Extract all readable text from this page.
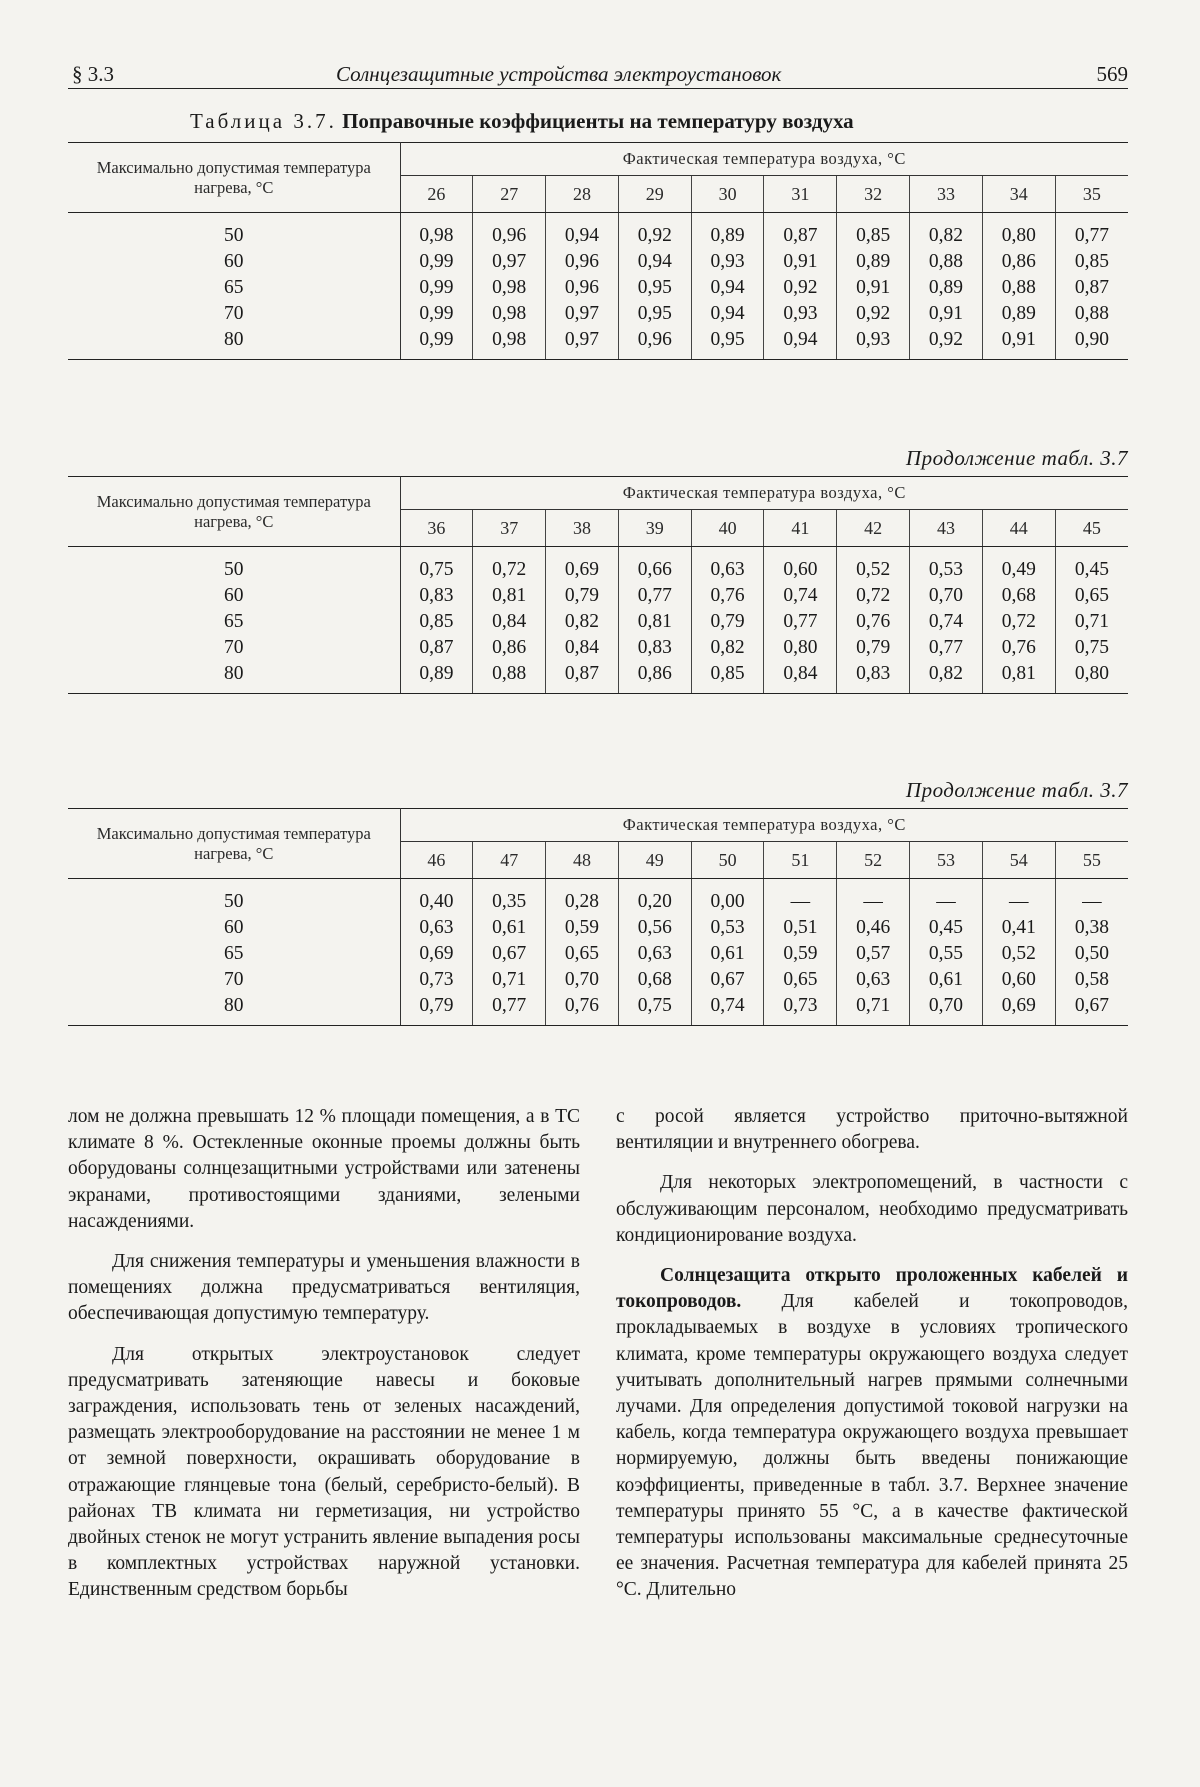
§ 3.3	Солнцезащитные устройства электроустановок	569
Таблица 3.7. Поправочные коэффициенты на температуру воздуха
Максимально допустимая температура нагрева, °С	Фактическая температура воздуха, °С									
	26	27	28	29	30	31	32	33	34	35
50	0,98	0,96	0,94	0,92	0,89	0,87	0,85	0,82	0,80	0,77
60	0,99	0,97	0,96	0,94	0,93	0,91	0,89	0,88	0,86	0,85
65	0,99	0,98	0,96	0,95	0,94	0,92	0,91	0,89	0,88	0,87
70	0,99	0,98	0,97	0,95	0,94	0,93	0,92	0,91	0,89	0,88
80	0,99	0,98	0,97	0,96	0,95	0,94	0,93	0,92	0,91	0,90
Продолжение табл. 3.7
Максимально допустимая температура нагрева, °С	Фактическая температура воздуха, °С									
	36	37	38	39	40	41	42	43	44	45
50	0,75	0,72	0,69	0,66	0,63	0,60	0,52	0,53	0,49	0,45
60	0,83	0,81	0,79	0,77	0,76	0,74	0,72	0,70	0,68	0,65
65	0,85	0,84	0,82	0,81	0,79	0,77	0,76	0,74	0,72	0,71
70	0,87	0,86	0,84	0,83	0,82	0,80	0,79	0,77	0,76	0,75
80	0,89	0,88	0,87	0,86	0,85	0,84	0,83	0,82	0,81	0,80
Продолжение табл. 3.7
Максимально допустимая температура нагрева, °С	Фактическая температура воздуха, °С									
	46	47	48	49	50	51	52	53	54	55
50	0,40	0,35	0,28	0,20	0,00	—	—	—	—	—
60	0,63	0,61	0,59	0,56	0,53	0,51	0,46	0,45	0,41	0,38
65	0,69	0,67	0,65	0,63	0,61	0,59	0,57	0,55	0,52	0,50
70	0,73	0,71	0,70	0,68	0,67	0,65	0,63	0,61	0,60	0,58
80	0,79	0,77	0,76	0,75	0,74	0,73	0,71	0,70	0,69	0,67

лом не должна превышать 12 % площади помещения, а в ТС климате 8 %. Остекленные оконные проемы должны быть оборудованы солнцезащитными устройствами или затенены экранами, противостоящими зданиями, зелеными насаждениями.

Для снижения температуры и уменьшения влажности в помещениях должна предусматриваться вентиляция, обеспечивающая допустимую температуру.

Для открытых электроустановок следует предусматривать затеняющие навесы и боковые заграждения, использовать тень от зеленых насаждений, размещать электрооборудование на расстоянии не менее 1 м от земной поверхности, окрашивать оборудование в отражающие глянцевые тона (белый, серебристо-белый). В районах ТВ климата ни герметизация, ни устройство двойных стенок не могут устранить явление выпадения росы в комплектных устройствах наружной установки. Единственным средством борьбы

с росой является устройство приточно-вытяжной вентиляции и внутреннего обогрева.

Для некоторых электропомещений, в частности с обслуживающим персоналом, необходимо предусматривать кондиционирование воздуха.

Солнцезащита открыто проложенных кабелей и токопроводов. Для кабелей и токопроводов, прокладываемых в воздухе в условиях тропического климата, кроме температуры окружающего воздуха следует учитывать дополнительный нагрев прямыми солнечными лучами. Для определения допустимой токовой нагрузки на кабель, когда температура окружающего воздуха превышает нормируемую, должны быть введены понижающие коэффициенты, приведенные в табл. 3.7. Верхнее значение температуры принято 55 °С, а в качестве фактической температуры использованы максимальные среднесуточные ее значения. Расчетная температура для кабелей принята 25 °С. Длительно
